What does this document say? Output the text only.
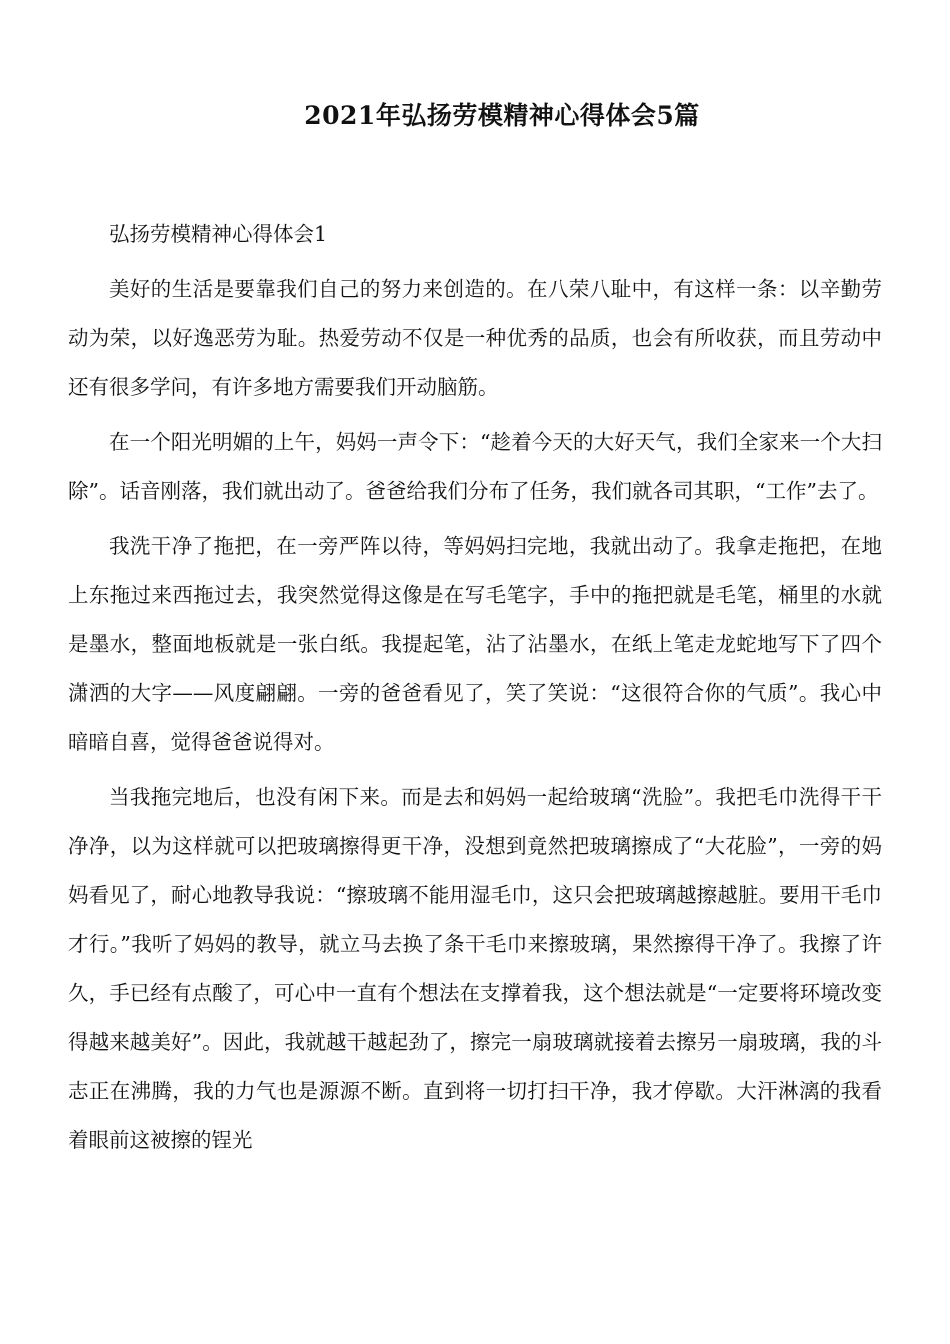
2021年弘扬劳模精神心得体会5篇

弘扬劳模精神心得体会1

美好的生活是要靠我们自己的努力来创造的。在八荣八耻中，有这样一条：以辛勤劳动为荣，以好逸恶劳为耻。热爱劳动不仅是一种优秀的品质，也会有所收获，而且劳动中还有很多学问，有许多地方需要我们开动脑筋。

在一个阳光明媚的上午，妈妈一声令下：“趁着今天的大好天气，我们全家来一个大扫除”。话音刚落，我们就出动了。爸爸给我们分布了任务，我们就各司其职，“工作”去了。

我洗干净了拖把，在一旁严阵以待，等妈妈扫完地，我就出动了。我拿走拖把，在地上东拖过来西拖过去，我突然觉得这像是在写毛笔字，手中的拖把就是毛笔，桶里的水就是墨水，整面地板就是一张白纸。我提起笔，沾了沾墨水，在纸上笔走龙蛇地写下了四个潇洒的大字——风度翩翩。一旁的爸爸看见了，笑了笑说：“这很符合你的气质”。我心中暗暗自喜，觉得爸爸说得对。

当我拖完地后，也没有闲下来。而是去和妈妈一起给玻璃“洗脸”。我把毛巾洗得干干净净，以为这样就可以把玻璃擦得更干净，没想到竟然把玻璃擦成了“大花脸”，一旁的妈妈看见了，耐心地教导我说：“擦玻璃不能用湿毛巾，这只会把玻璃越擦越脏。要用干毛巾才行。”我听了妈妈的教导，就立马去换了条干毛巾来擦玻璃，果然擦得干净了。我擦了许久，手已经有点酸了，可心中一直有个想法在支撑着我，这个想法就是“一定要将环境改变得越来越美好”。因此，我就越干越起劲了，擦完一扇玻璃就接着去擦另一扇玻璃，我的斗志正在沸腾，我的力气也是源源不断。直到将一切打扫干净，我才停歇。大汗淋漓的我看着眼前这被擦的锃光
